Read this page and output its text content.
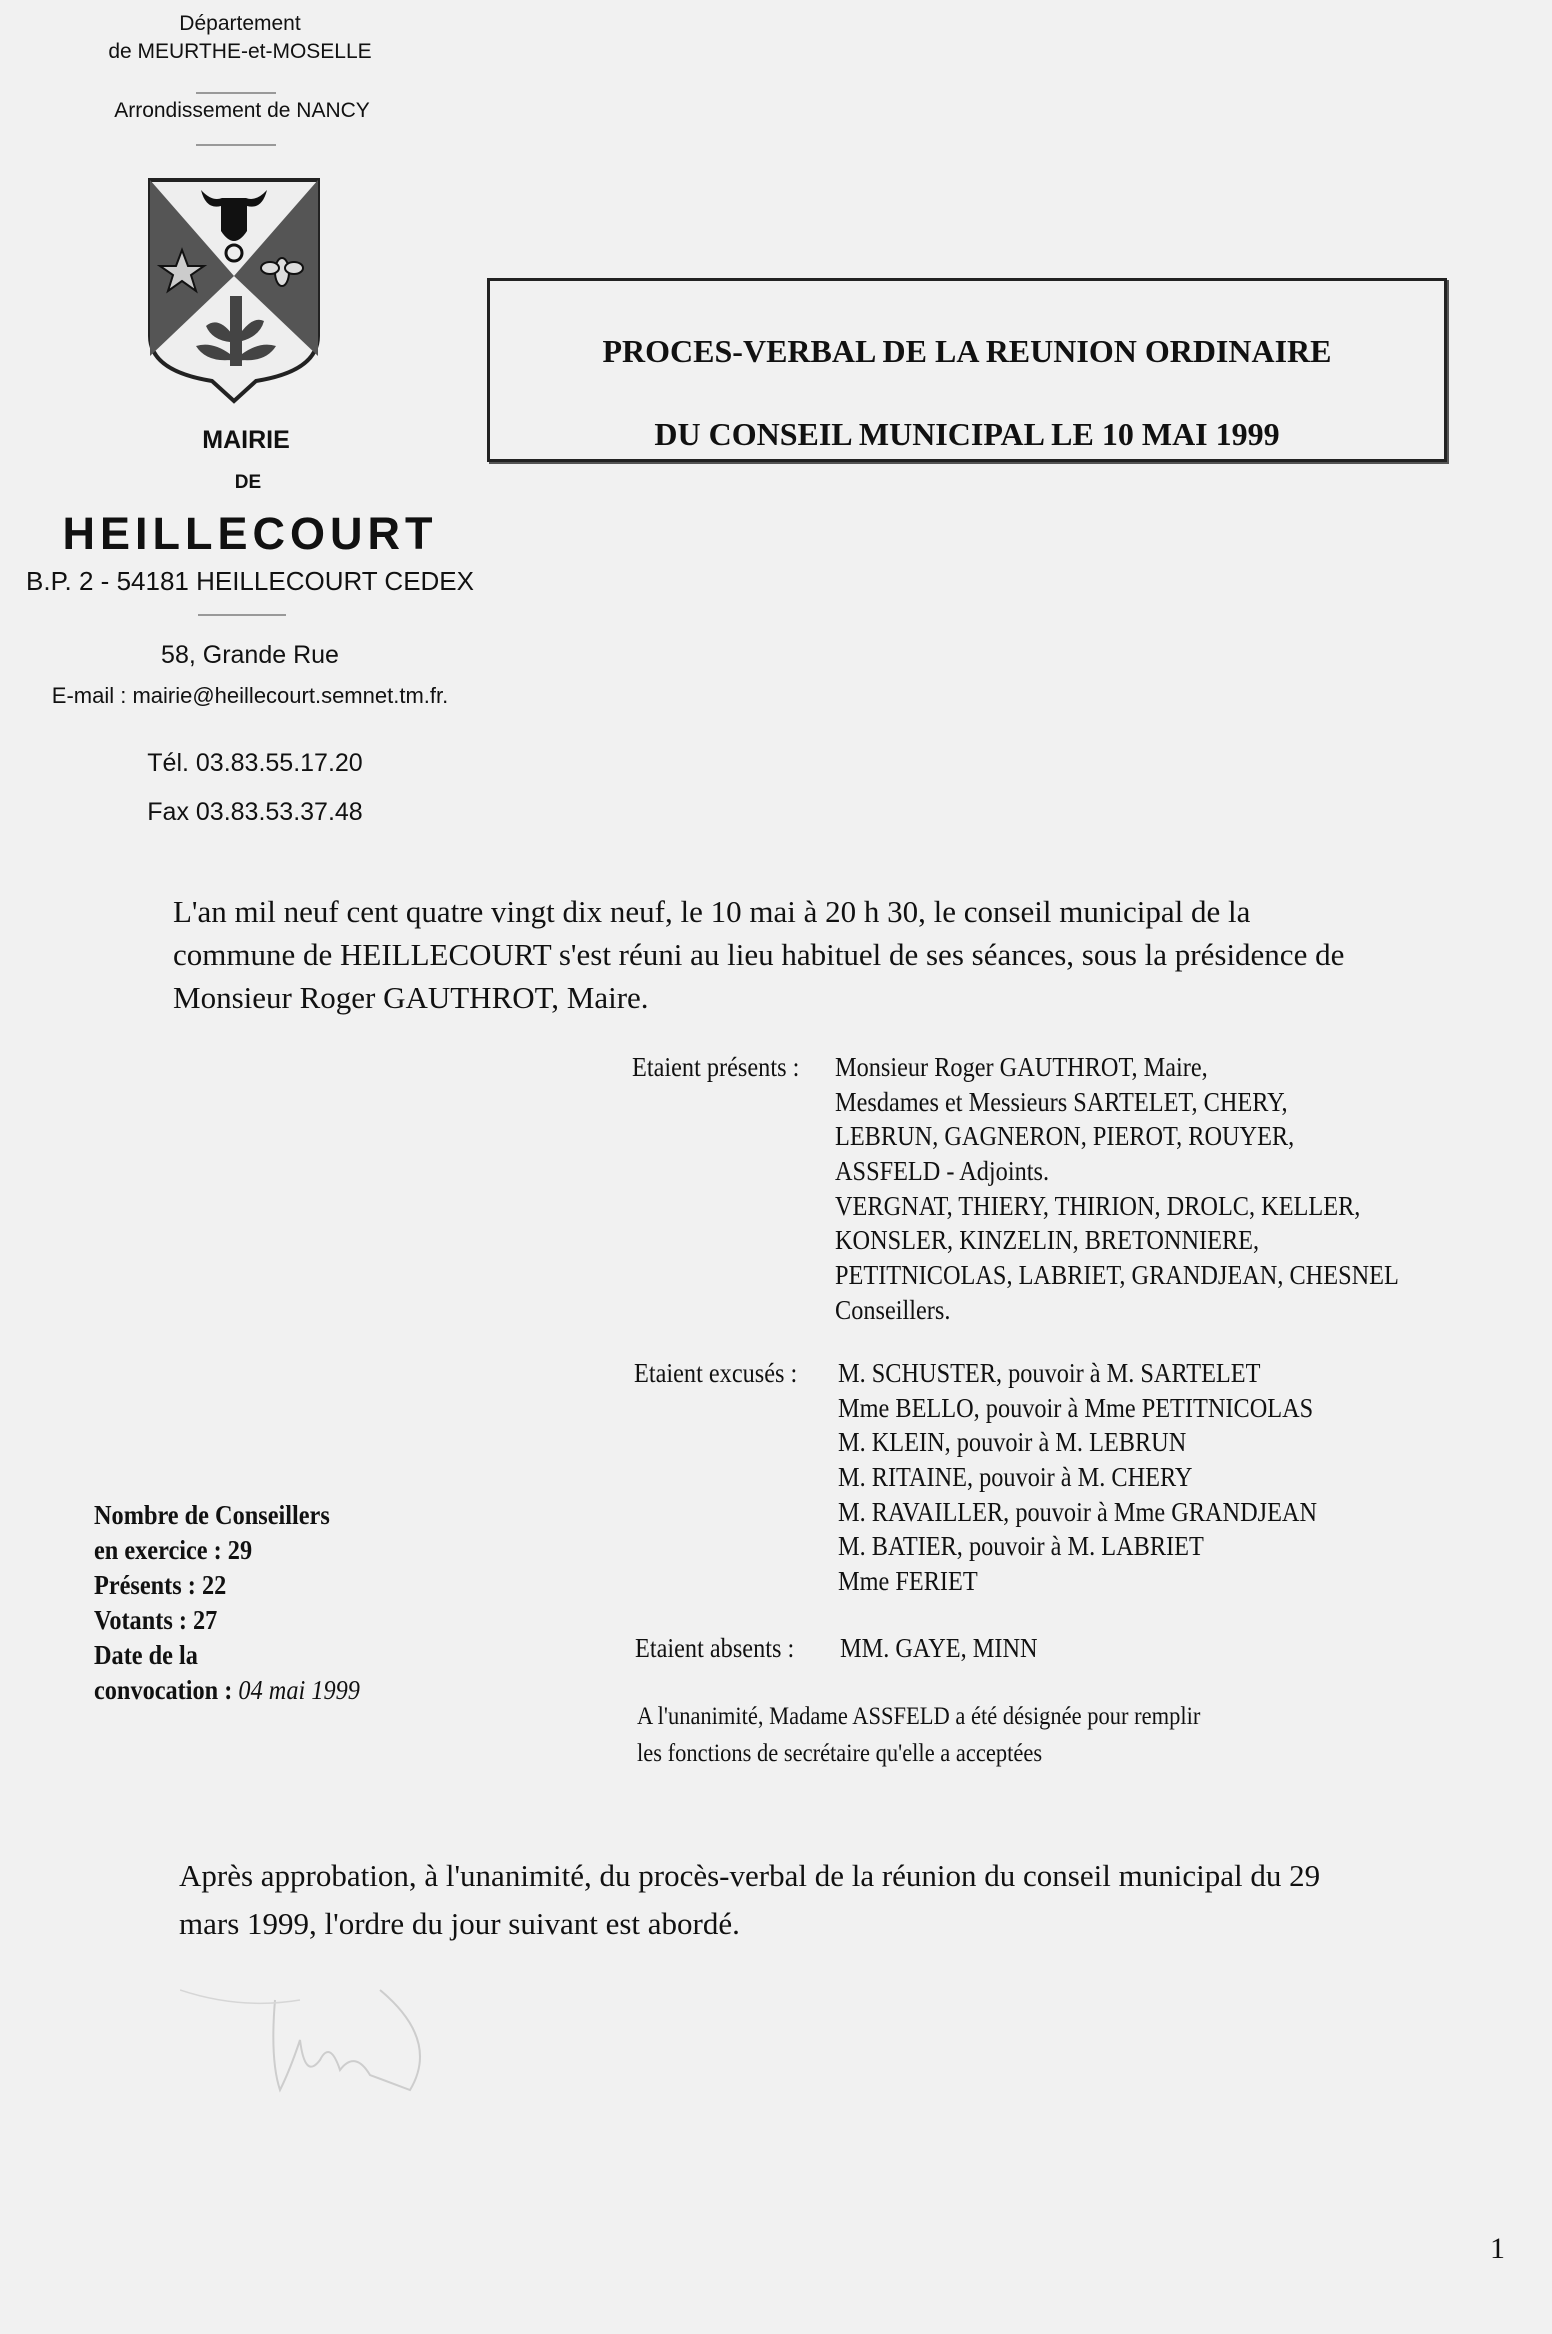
Département
de MEURTHE-et-MOSELLE
Arrondissement de NANCY
MAIRIE
DE
HEILLECOURT
B.P. 2 - 54181 HEILLECOURT CEDEX
58, Grande Rue
E-mail : mairie@heillecourt.semnet.tm.fr.
Tél. 03.83.55.17.20
Fax 03.83.53.37.48
PROCES-VERBAL DE LA REUNION ORDINAIRE
DU CONSEIL MUNICIPAL LE 10 MAI 1999
L'an mil neuf cent quatre vingt dix neuf, le 10 mai à 20 h 30, le conseil municipal de la
commune de HEILLECOURT s'est réuni au lieu habituel de ses séances, sous la présidence de
Monsieur Roger GAUTHROT, Maire.
Etaient présents : Monsieur Roger GAUTHROT, Maire,
Mesdames et Messieurs SARTELET, CHERY,
LEBRUN, GAGNERON, PIEROT, ROUYER,
ASSFELD - Adjoints.
VERGNAT, THIERY, THIRION, DROLC, KELLER,
KONSLER, KINZELIN, BRETONNIERE,
PETITNICOLAS, LABRIET, GRANDJEAN, CHESNEL
Conseillers.
Etaient excusés : M. SCHUSTER, pouvoir à M. SARTELET
Mme BELLO, pouvoir à Mme PETITNICOLAS
M. KLEIN, pouvoir à M. LEBRUN
M. RITAINE, pouvoir à M. CHERY
M. RAVAILLER, pouvoir à Mme GRANDJEAN
M. BATIER, pouvoir à M. LABRIET
Mme FERIET
Etaient absents : MM. GAYE, MINN
A l'unanimité, Madame ASSFELD a été désignée pour remplir
les fonctions de secrétaire qu'elle a acceptées
Nombre de Conseillers
en exercice : 29
Présents : 22
Votants : 27
Date de la
convocation : 04 mai 1999
Après approbation, à l'unanimité, du procès-verbal de la réunion du conseil municipal du 29
mars 1999, l'ordre du jour suivant est abordé.
1
